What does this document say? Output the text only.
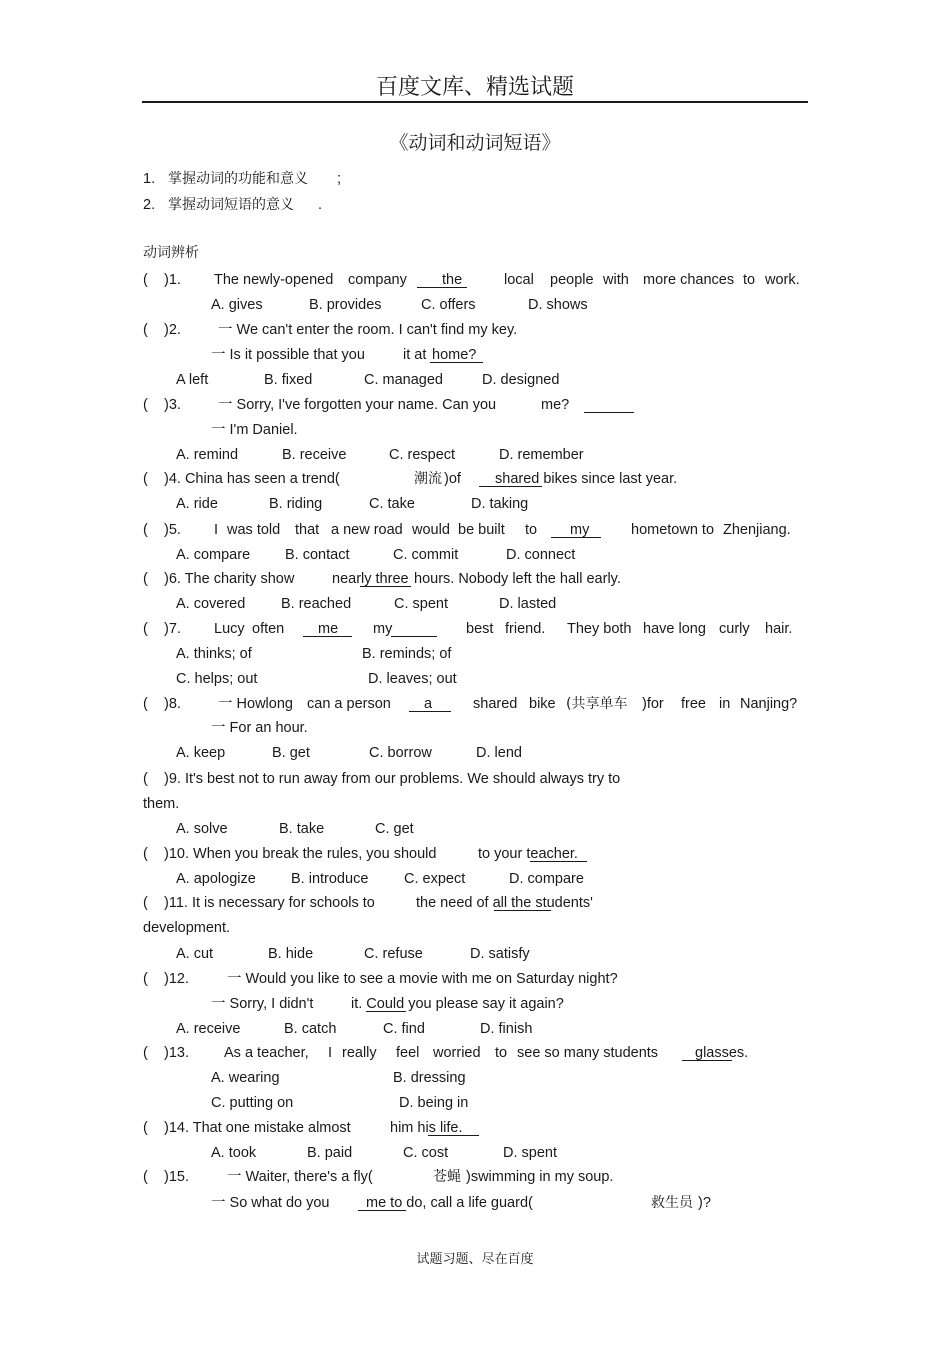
百度文库、精选试题
《动词和动词短语》
1. 掌握动词的功能和意义 ;
2. 掌握动词短语的意义 .
动词辨析
( )1. The newly-opened company the	local people with more chances to work.
A. gives	B. provides	C. offers	D. shows
( )2.	一 We can't enter the room. I can't find my key.
一 Is it possible that you	it at home?
A left	B. fixed	C. managed	D. designed
( )3.	一 Sorry, I've forgotten your name. Can you	me?
一 I'm Daniel.
A. remind	B. receive	C. respect	D. remember
( )4. China has seen a trend(	潮流 )of shared bikes since last year.
A. ride	B. riding	C. take	D. taking
( )5. I was told that a new road would be built to my	hometown to Zhenjiang.
A. compare B. contact	C. commit	D. connect
( )6. The charity show	nearly three hours. Nobody left the hall early.
A. covered B. reached	C. spent	D. lasted
( )7. Lucy often me my	best friend. They both have long curly hair.
A. thinks; of	B. reminds; of
C. helps; out	D. leaves; out
( )8.	一 Howlong can a person a	shared bike (共享单车 )for free in Nanjing?
一 For an hour.
A. keep	B. get	C. borrow	D. lend
( )9. It's best not to run away from our problems. We should always try to
them.
A. solve	B. take	C. get
( )10. When you break the rules, you should	to your teacher.
A. apologize B. introduce C. expect	D. compare
( )11. It is necessary for schools to	the need of all the students'
development.
A. cut	B. hide	C. refuse	D. satisfy
( )12.	一 Would you like to see a movie with me on Saturday night?
一 Sorry, I didn't	it. Could you please say it again?
A. receive	B. catch	C. find	D. finish
( )13. As a teacher, I really feel worried to see so many students	glasses.
A. wearing	B. dressing
C. putting on	D. being in
( )14. That one mistake almost	him his life.
A. took	B. paid	C. cost	D. spent
( )15.	一 Waiter, there's a fly(	苍蝇 )swimming in my soup.
一 So what do you	me to do, call a life guard(	救生员 )?
试题习题、尽在百度
